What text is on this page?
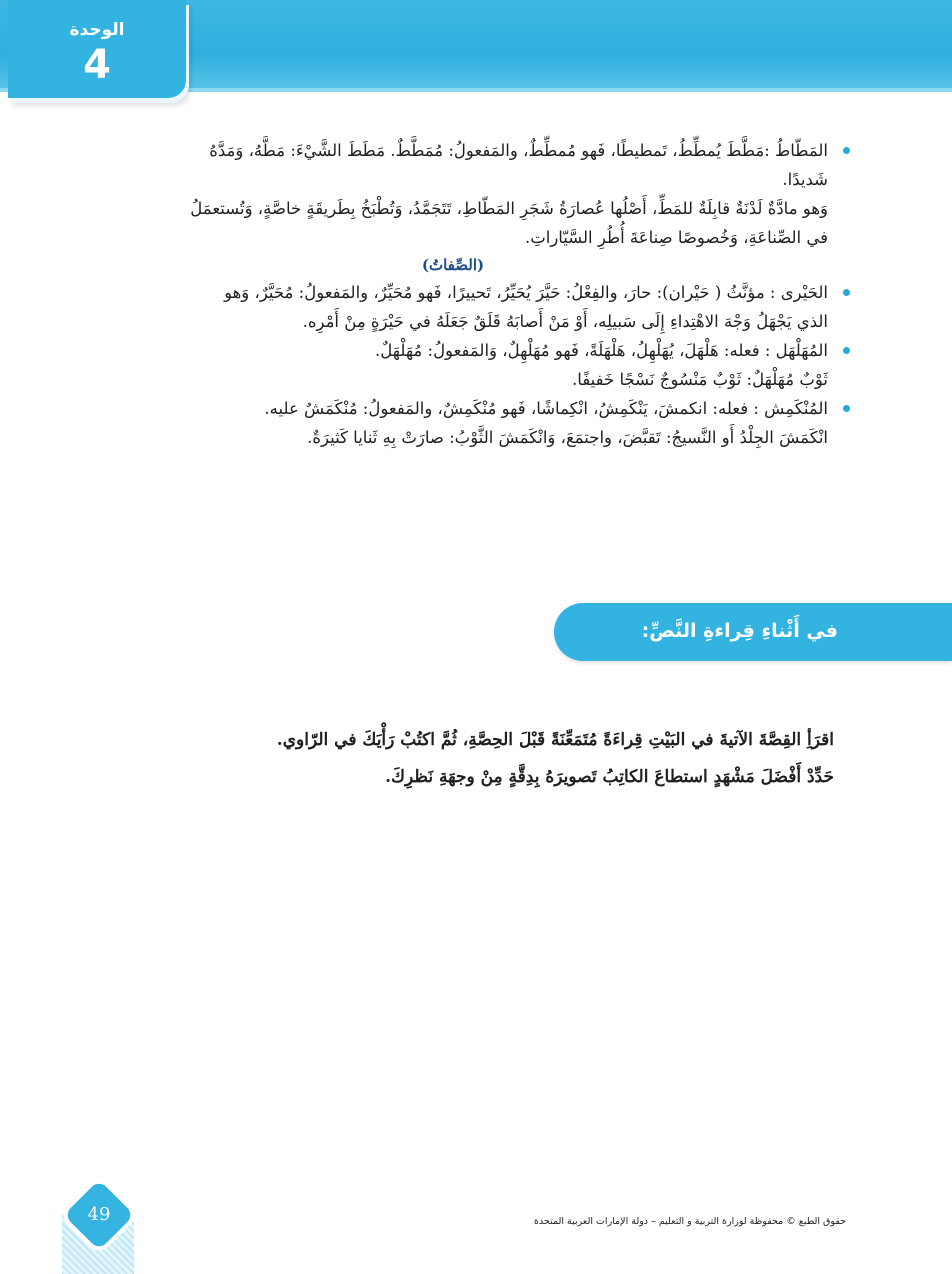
الوحدة
4

المَطّاطُ :مَطَّطَ يُمطِّطُ، تَمطيطًا، فَهو مُمطِّطٌ، والمَفعولُ: مُمَطَّطٌ. مَطَطَ الشَّيْءَ: مَطَّهُ، وَمَدَّهُ

شَديدًا.

وَهو مادَّةٌ لَدْنَةٌ قابِلَةٌ للمَطِّ، أَصْلُها عُصارَةُ شَجَرِ المَطّاطِ، تَتَجَمَّدُ، وَتُطْبَخُ بِطَريقَةٍ خاصَّةٍ، وَتُستعمَلُ

في الصِّناعَةِ، وَخُصوصًا صِناعَةَ أُطُرِ السَّيّاراتِ.

(الصِّفاتُ)

الحَيْرى : مؤنَّثُ ( حَيْران): حارَ، والفِعْلُ: حَيَّرَ يُحَيِّرُ، تَحييرًا، فَهو مُحَيِّرٌ، والمَفعولُ: مُحَيَّرٌ، وَهو

الذي يَجْهَلُ وَجْهَ الاهْتِداءِ إِلَى سَبيلِه، أَوْ مَنْ أَصابَهُ قَلَقٌ جَعَلَهُ في حَيْرَةٍ مِنْ أَمْرِه.

المُهَلْهَل : فعله: هَلْهَلَ، يُهَلْهِلُ، هَلْهَلَةً، فَهو مُهَلْهِلٌ، وَالمَفعولُ: مُهَلْهَلٌ.

ثَوْبٌ مُهَلْهَلٌ: ثَوْبٌ مَنْسُوجٌ نَسْجًا خَفيفًا.

المُنْكَمِش : فعله: انكمشَ، يَنْكَمِشُ، انْكِماشًا، فَهو مُنْكَمِشٌ، والمَفعولُ: مُنْكَمَشٌ عليه.

انْكَمَشَ الجِلْدُ أَو النَّسيجُ: تَقبَّضَ، واجتمَعَ، وَانْكَمَشَ الثَّوْبُ: صارَتْ بِهِ ثَنايا كَثيرَةٌ.

في أَثْناءِ قِراءةِ النَّصِّ:

اقرَأِ القِصَّةَ الآتيةَ في البَيْتِ قِراءَةً مُتَمَعِّنَةً قَبْلَ الحِصَّةِ، ثُمَّ اكتُبْ رَأْيَكَ في الرّاوي.

حَدِّدْ أَفْضَلَ مَشْهَدٍ استطاعَ الكاتِبُ تَصويرَهُ بِدِقَّةٍ مِنْ وجهَةِ نَظرِكَ.

حقوق الطبع © محفوظة لوزارة التربية و التعليم – دولة الإمارات العربية المتحدة
49
